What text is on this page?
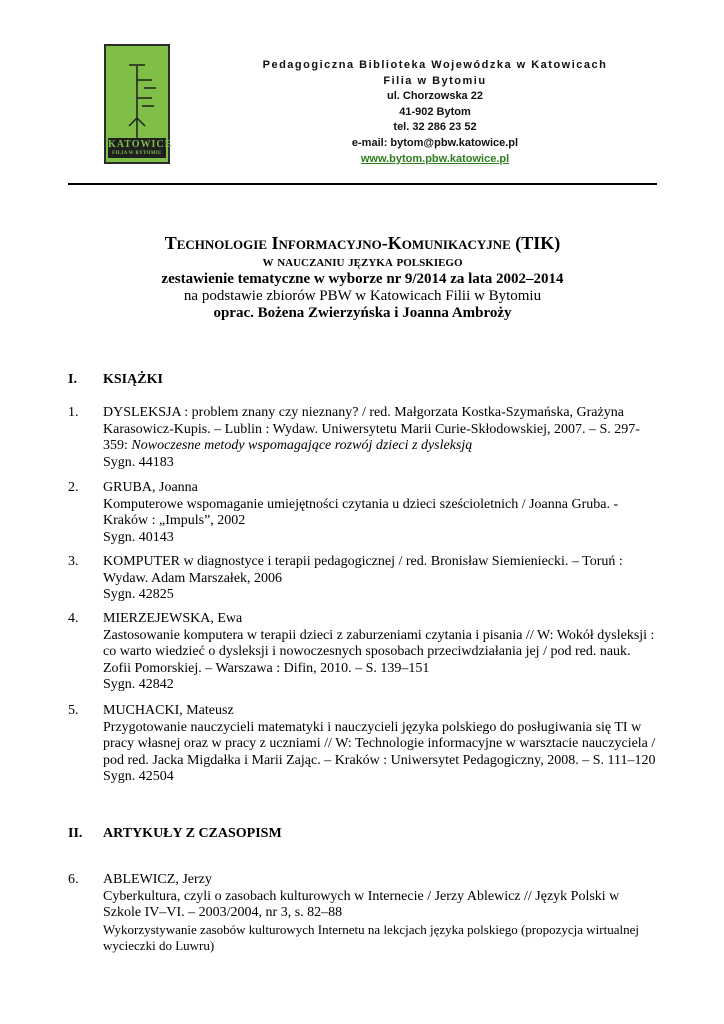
KATOWICE
FILIA W BYTOMIU
Pedagogiczna Biblioteka Wojewódzka w Katowicach
Filia w Bytomiu
ul. Chorzowska 22
41-902 Bytom
tel. 32 286 23 52
e-mail: bytom@pbw.katowice.pl
www.bytom.pbw.katowice.pl
Technologie Informacyjno-Komunikacyjne (TIK)
w nauczaniu języka polskiego
zestawienie tematyczne w wyborze nr 9/2014 za lata 2002–2014
na podstawie zbiorów PBW w Katowicach Filii w Bytomiu
oprac. Bożena Zwierzyńska i Joanna Ambroży
I. KSIĄŻKI
1. DYSLEKSJA : problem znany czy nieznany? / red. Małgorzata Kostka-Szymańska, Grażyna Karasowicz-Kupis. – Lublin : Wydaw. Uniwersytetu Marii Curie-Skłodowskiej, 2007. – S. 297-359: Nowoczesne metody wspomagające rozwój dzieci z dysleksją
Sygn. 44183
2. GRUBA, Joanna
Komputerowe wspomaganie umiejętności czytania u dzieci sześcioletnich / Joanna Gruba. - Kraków : „Impuls”, 2002
Sygn. 40143
3. KOMPUTER w diagnostyce i terapii pedagogicznej / red. Bronisław Siemieniecki. – Toruń : Wydaw. Adam Marszałek, 2006
Sygn. 42825
4. MIERZEJEWSKA, Ewa
Zastosowanie komputera w terapii dzieci z zaburzeniami czytania i pisania // W: Wokół dysleksji : co warto wiedzieć o dysleksji i nowoczesnych sposobach przeciwdziałania jej / pod red. nauk. Zofii Pomorskiej. – Warszawa : Difin, 2010. – S. 139–151
Sygn. 42842
5. MUCHACKI, Mateusz
Przygotowanie nauczycieli matematyki i nauczycieli języka polskiego do posługiwania się TI w pracy własnej oraz w pracy z uczniami // W: Technologie informacyjne w warsztacie nauczyciela / pod red. Jacka Migdałka i Marii Zając. – Kraków : Uniwersytet Pedagogiczny, 2008. – S. 111–120
Sygn. 42504
II. ARTYKUŁY Z CZASOPISM
6. ABLEWICZ, Jerzy
Cyberkultura, czyli o zasobach kulturowych w Internecie / Jerzy Ablewicz // Język Polski w Szkole IV–VI. – 2003/2004, nr 3, s. 82–88
Wykorzystywanie zasobów kulturowych Internetu na lekcjach języka polskiego (propozycja wirtualnej wycieczki do Luwru)
